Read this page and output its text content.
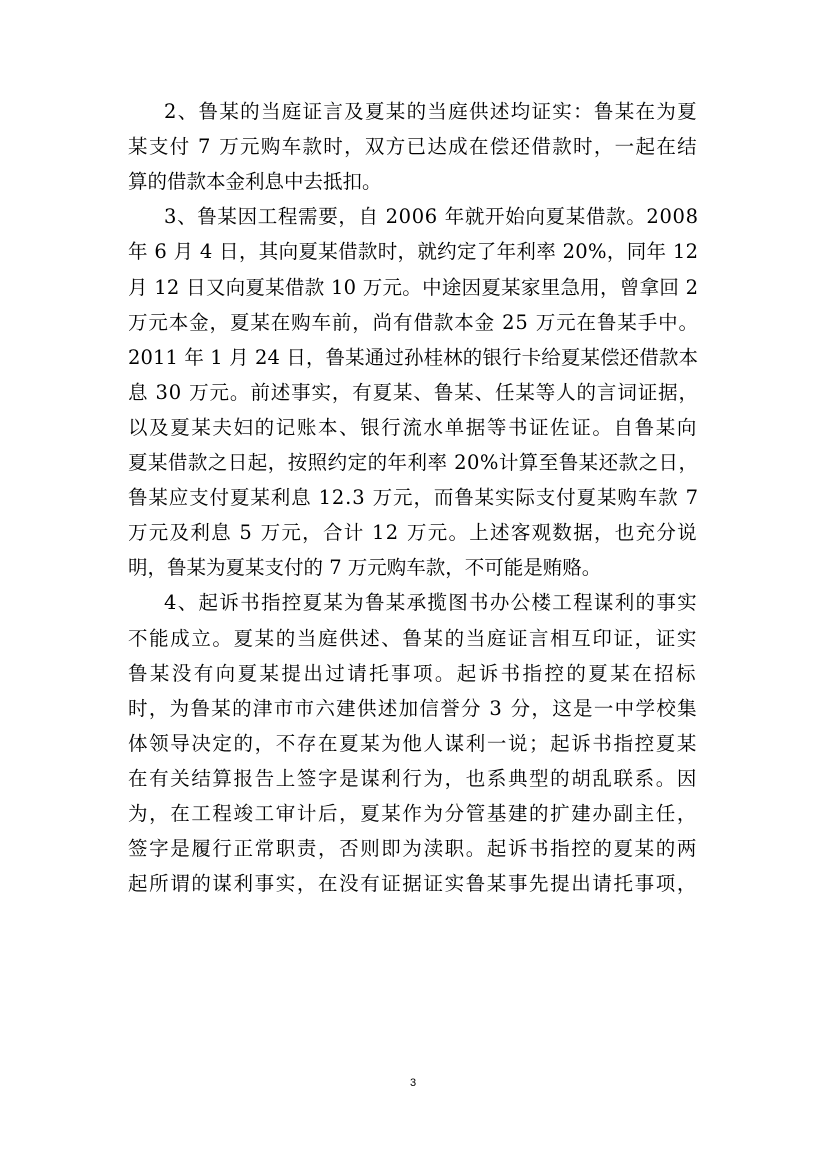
2、鲁某的当庭证言及夏某的当庭供述均证实：鲁某在为夏

某支付 7 万元购车款时，双方已达成在偿还借款时，一起在结

算的借款本金利息中去抵扣。

3、鲁某因工程需要，自 2006 年就开始向夏某借款。2008

年 6 月 4 日，其向夏某借款时，就约定了年利率 20%，同年 12

月 12 日又向夏某借款 10 万元。中途因夏某家里急用，曾拿回 2

万元本金，夏某在购车前，尚有借款本金 25 万元在鲁某手中。

2011 年 1 月 24 日，鲁某通过孙桂林的银行卡给夏某偿还借款本

息 30 万元。前述事实，有夏某、鲁某、任某等人的言词证据，

以及夏某夫妇的记账本、银行流水单据等书证佐证。自鲁某向

夏某借款之日起，按照约定的年利率 20%计算至鲁某还款之日，

鲁某应支付夏某利息 12.3 万元，而鲁某实际支付夏某购车款 7

万元及利息 5 万元，合计 12 万元。上述客观数据，也充分说

明，鲁某为夏某支付的 7 万元购车款，不可能是贿赂。

4、起诉书指控夏某为鲁某承揽图书办公楼工程谋利的事实

不能成立。夏某的当庭供述、鲁某的当庭证言相互印证，证实

鲁某没有向夏某提出过请托事项。起诉书指控的夏某在招标

时，为鲁某的津市市六建供述加信誉分 3 分，这是一中学校集

体领导决定的，不存在夏某为他人谋利一说；起诉书指控夏某

在有关结算报告上签字是谋利行为，也系典型的胡乱联系。因

为，在工程竣工审计后，夏某作为分管基建的扩建办副主任，

签字是履行正常职责，否则即为渎职。起诉书指控的夏某的两

起所谓的谋利事实，在没有证据证实鲁某事先提出请托事项，

3
